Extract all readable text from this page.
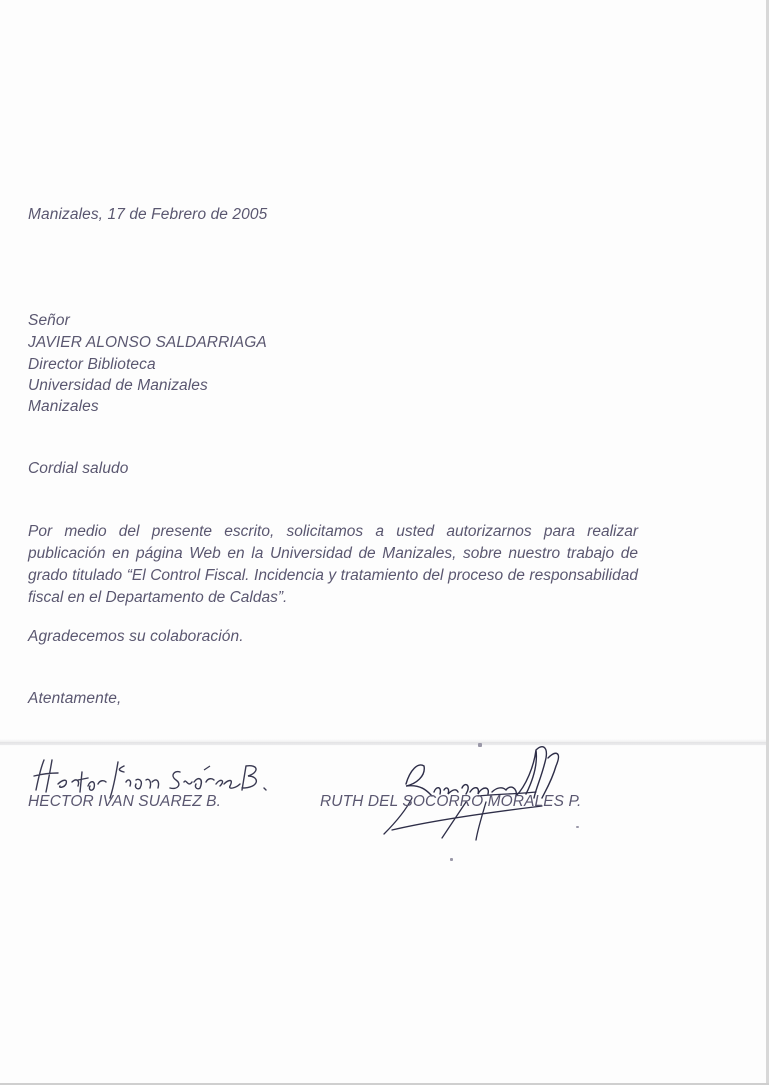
Manizales, 17 de Febrero de 2005
Señor
JAVIER ALONSO SALDARRIAGA
Director Biblioteca
Universidad de Manizales
Manizales
Cordial saludo
Por medio del presente escrito, solicitamos a usted autorizarnos para realizar publicación en página Web en la Universidad de Manizales, sobre nuestro trabajo de grado titulado “El Control Fiscal. Incidencia y tratamiento del proceso de responsabilidad fiscal en el Departamento de Caldas”.
Agradecemos su colaboración.
Atentamente,
HECTOR IVAN SUAREZ B.	RUTH DEL SOCORRO MORALES P.
